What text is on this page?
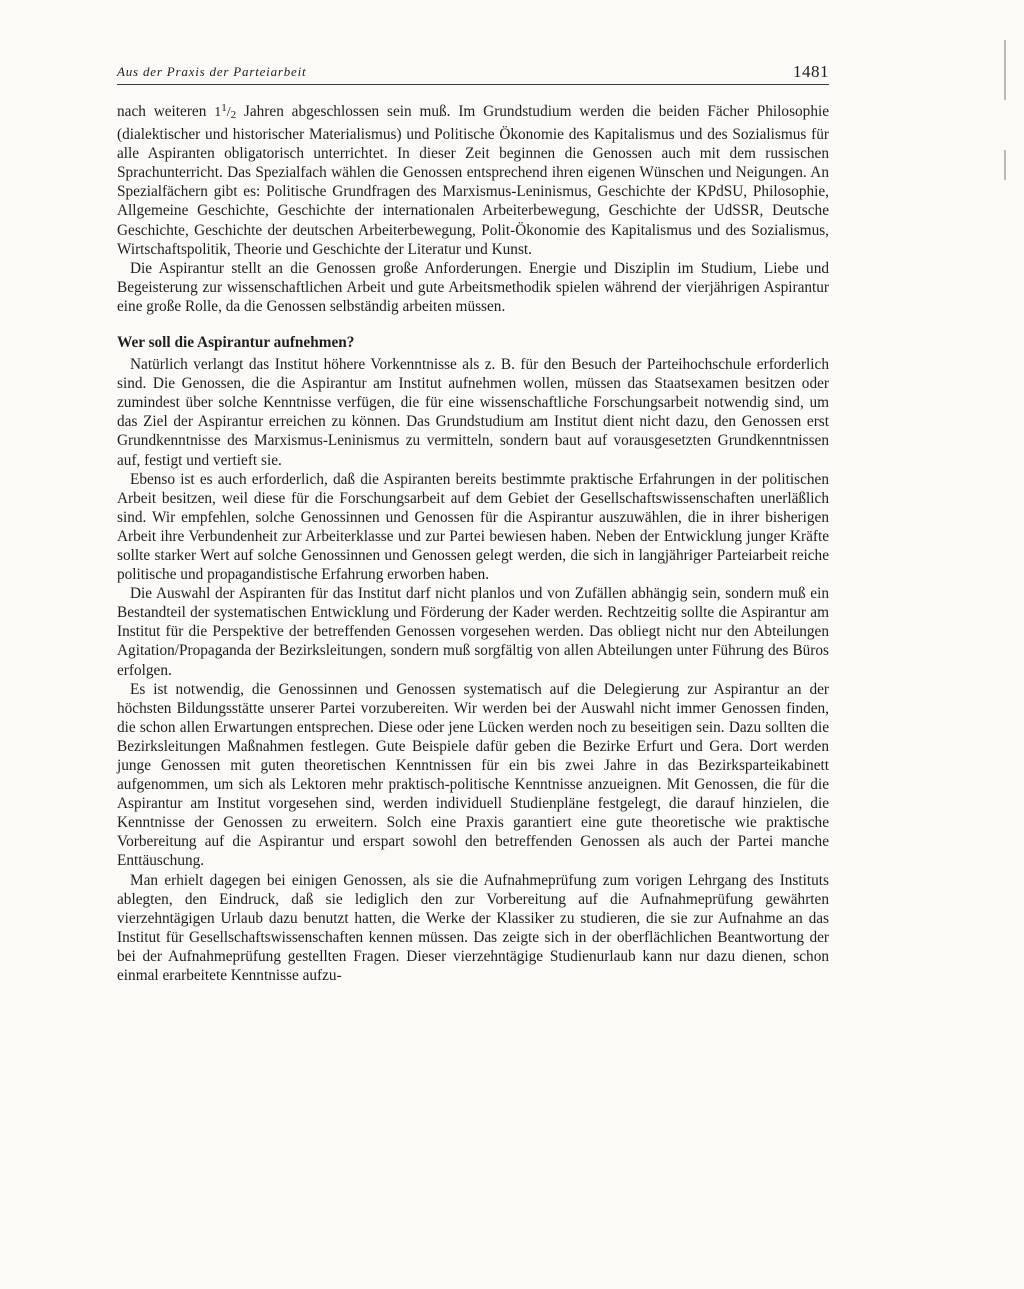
Aus der Praxis der Parteiarbeit	1481

nach weiteren $1^1/2$ Jahren abgeschlossen sein muß. Im Grundstudium werden die beiden Fächer Philosophie (dialektischer und historischer Materialismus) und Politische Ökonomie des Kapitalismus und des Sozialismus für alle Aspiranten obligatorisch unterrichtet. In dieser Zeit beginnen die Genossen auch mit dem russischen Sprachunterricht. Das Spezialfach wählen die Genossen entsprechend ihren eigenen Wünschen und Neigungen. An Spezialfächern gibt es: Politische Grundfragen des Marxismus-Leninismus, Geschichte der KPdSU, Philosophie, Allgemeine Geschichte, Geschichte der internationalen Arbeiterbewegung, Geschichte der UdSSR, Deutsche Geschichte, Geschichte der deutschen Arbeiterbewegung, Polit-Ökonomie des Kapitalismus und des Sozialismus, Wirtschaftspolitik, Theorie und Geschichte der Literatur und Kunst.

Die Aspirantur stellt an die Genossen große Anforderungen. Energie und Disziplin im Studium, Liebe und Begeisterung zur wissenschaftlichen Arbeit und gute Arbeitsmethodik spielen während der vierjährigen Aspirantur eine große Rolle, da die Genossen selbständig arbeiten müssen.

Wer soll die Aspirantur aufnehmen?

Natürlich verlangt das Institut höhere Vorkenntnisse als z. B. für den Besuch der Parteihochschule erforderlich sind. Die Genossen, die die Aspirantur am Institut aufnehmen wollen, müssen das Staatsexamen besitzen oder zumindest über solche Kenntnisse verfügen, die für eine wissenschaftliche Forschungsarbeit notwendig sind, um das Ziel der Aspirantur erreichen zu können. Das Grundstudium am Institut dient nicht dazu, den Genossen erst Grundkenntnisse des Marxismus-Leninismus zu vermitteln, sondern baut auf vorausgesetzten Grundkenntnissen auf, festigt und vertieft sie.

Ebenso ist es auch erforderlich, daß die Aspiranten bereits bestimmte praktische Erfahrungen in der politischen Arbeit besitzen, weil diese für die Forschungsarbeit auf dem Gebiet der Gesellschaftswissenschaften unerläßlich sind. Wir empfehlen, solche Genossinnen und Genossen für die Aspirantur auszuwählen, die in ihrer bisherigen Arbeit ihre Verbundenheit zur Arbeiterklasse und zur Partei bewiesen haben. Neben der Entwicklung junger Kräfte sollte starker Wert auf solche Genossinnen und Genossen gelegt werden, die sich in langjähriger Parteiarbeit reiche politische und propagandistische Erfahrung erworben haben.

Die Auswahl der Aspiranten für das Institut darf nicht planlos und von Zufällen abhängig sein, sondern muß ein Bestandteil der systematischen Entwicklung und Förderung der Kader werden. Rechtzeitig sollte die Aspirantur am Institut für die Perspektive der betreffenden Genossen vorgesehen werden. Das obliegt nicht nur den Abteilungen Agitation/Propaganda der Bezirksleitungen, sondern muß sorgfältig von allen Abteilungen unter Führung des Büros erfolgen.

Es ist notwendig, die Genossinnen und Genossen systematisch auf die Delegierung zur Aspirantur an der höchsten Bildungsstätte unserer Partei vorzubereiten. Wir werden bei der Auswahl nicht immer Genossen finden, die schon allen Erwartungen entsprechen. Diese oder jene Lücken werden noch zu beseitigen sein. Dazu sollten die Bezirksleitungen Maßnahmen festlegen. Gute Beispiele dafür geben die Bezirke Erfurt und Gera. Dort werden junge Genossen mit guten theoretischen Kenntnissen für ein bis zwei Jahre in das Bezirksparteikabinett aufgenommen, um sich als Lektoren mehr praktisch-politische Kenntnisse anzueignen. Mit Genossen, die für die Aspirantur am Institut vorgesehen sind, werden individuell Studienpläne festgelegt, die darauf hinzielen, die Kenntnisse der Genossen zu erweitern. Solch eine Praxis garantiert eine gute theoretische wie praktische Vorbereitung auf die Aspirantur und erspart sowohl den betreffenden Genossen als auch der Partei manche Enttäuschung.

Man erhielt dagegen bei einigen Genossen, als sie die Aufnahmeprüfung zum vorigen Lehrgang des Instituts ablegten, den Eindruck, daß sie lediglich den zur Vorbereitung auf die Aufnahmeprüfung gewährten vierzehntägigen Urlaub dazu benutzt hatten, die Werke der Klassiker zu studieren, die sie zur Aufnahme an das Institut für Gesellschaftswissenschaften kennen müssen. Das zeigte sich in der oberflächlichen Beantwortung der bei der Aufnahmeprüfung gestellten Fragen. Dieser vierzehntägige Studienurlaub kann nur dazu dienen, schon einmal erarbeitete Kenntnisse aufzu-
